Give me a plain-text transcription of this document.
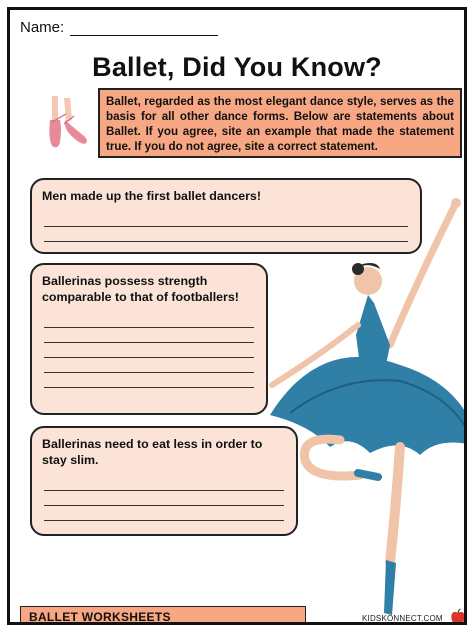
Name:
Ballet, Did You Know?
Ballet, regarded as the most elegant dance style, serves as the basis for all other dance forms. Below are statements about Ballet. If you agree, site an example that made the statement true. If you do not agree, site a correct statement.
Men made up the first ballet dancers!
Ballerinas possess strength comparable to that of footballers!
Ballerinas need to eat less in order to stay slim.
BALLET WORKSHEETS	KIDSKONNECT.COM
